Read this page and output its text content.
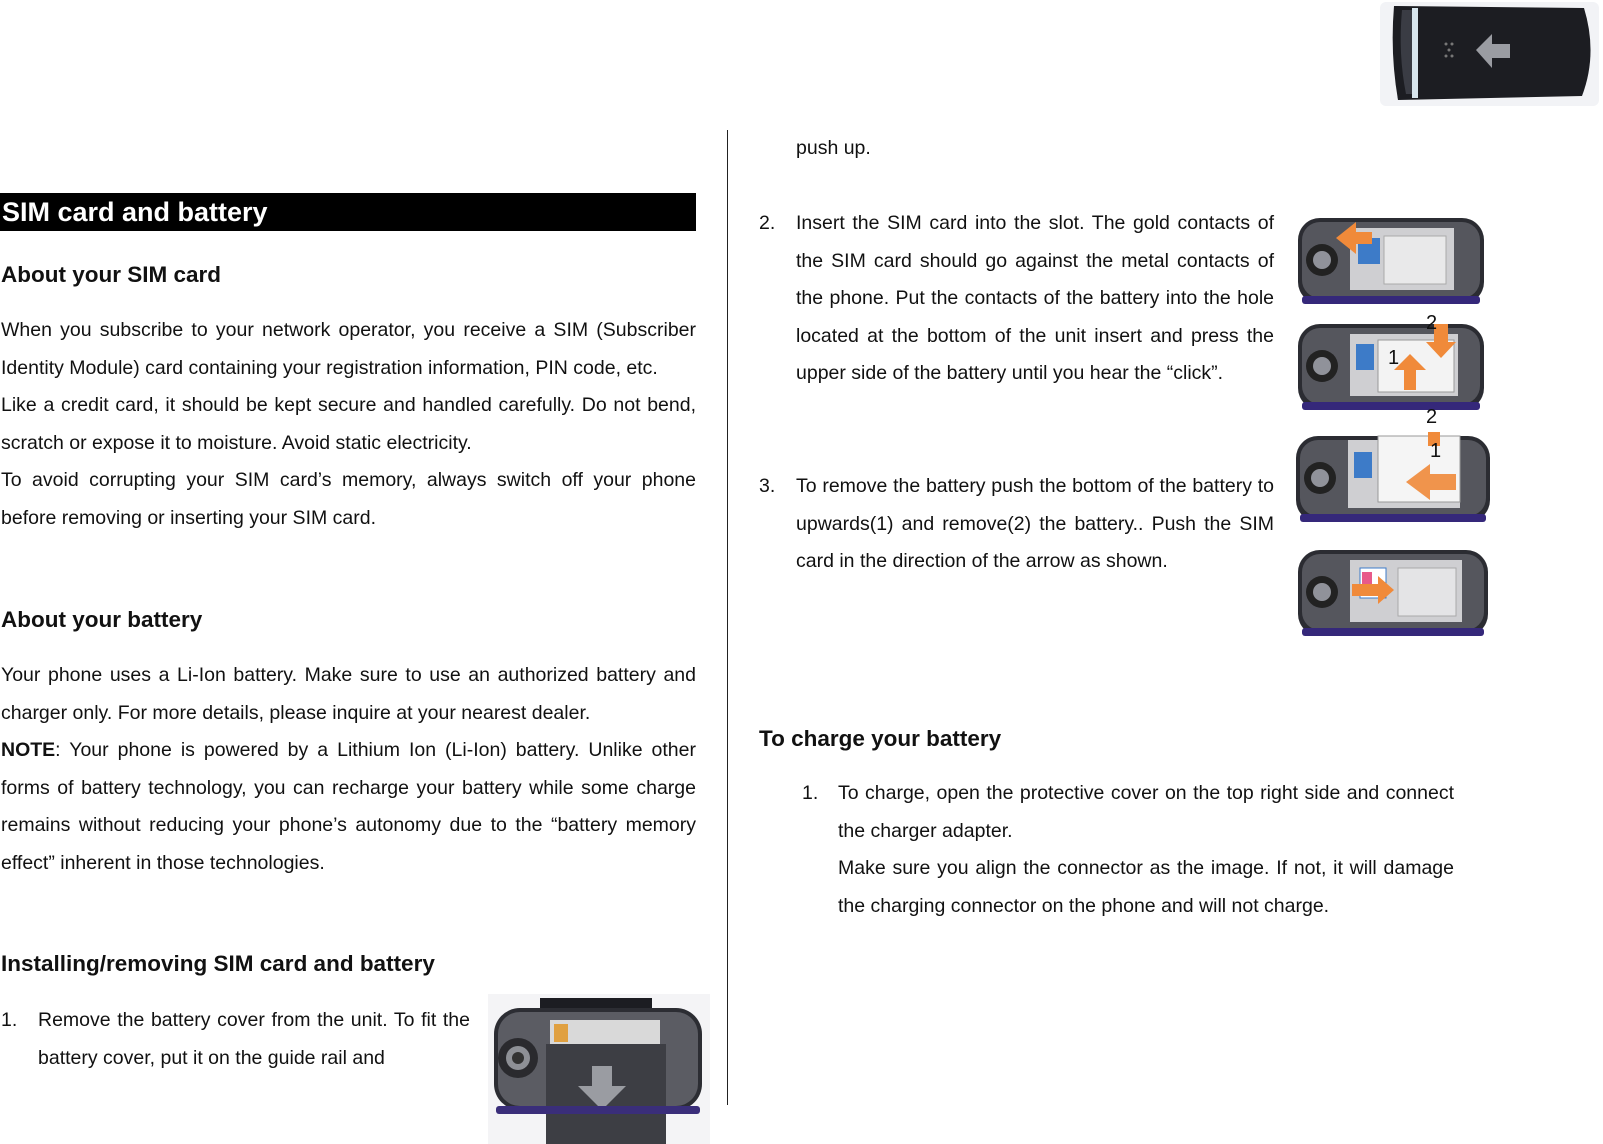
SIM card and battery
About your SIM card

When you subscribe to your network operator, you receive a SIM (Subscriber Identity Module) card containing your registration information, PIN code, etc.

Like a credit card, it should be kept secure and handled carefully. Do not bend, scratch or expose it to moisture. Avoid static electricity.

To avoid corrupting your SIM card’s memory, always switch off your phone before removing or inserting your SIM card.

About your battery

Your phone uses a Li-Ion battery. Make sure to use an authorized battery and charger only. For more details, please inquire at your nearest dealer.

NOTE: Your phone is powered by a Lithium Ion (Li-Ion) battery. Unlike other forms of battery technology, you can recharge your battery while some charge remains without reducing your phone’s autonomy due to the “battery memory effect” inherent in those technologies.

Installing/removing SIM card and battery
1. Remove the battery cover from the unit. To fit the battery cover, put it on the guide rail and

push up.

2. Insert the SIM card into the slot. The gold contacts of the SIM card should go against the metal contacts of the phone. Put the contacts of the battery into the hole located at the bottom of the unit insert and press the upper side of the battery until you hear the “click”.

3. To remove the battery push the bottom of the battery to upwards(1) and remove(2) the battery.. Push the SIM card in the direction of the arrow as shown.

2
1
2
1
To charge your battery
1. To charge, open the protective cover on the top right side and connect the charger adapter.

Make sure you align the connector as the image. If not, it will damage the charging connector on the phone and will not charge.
